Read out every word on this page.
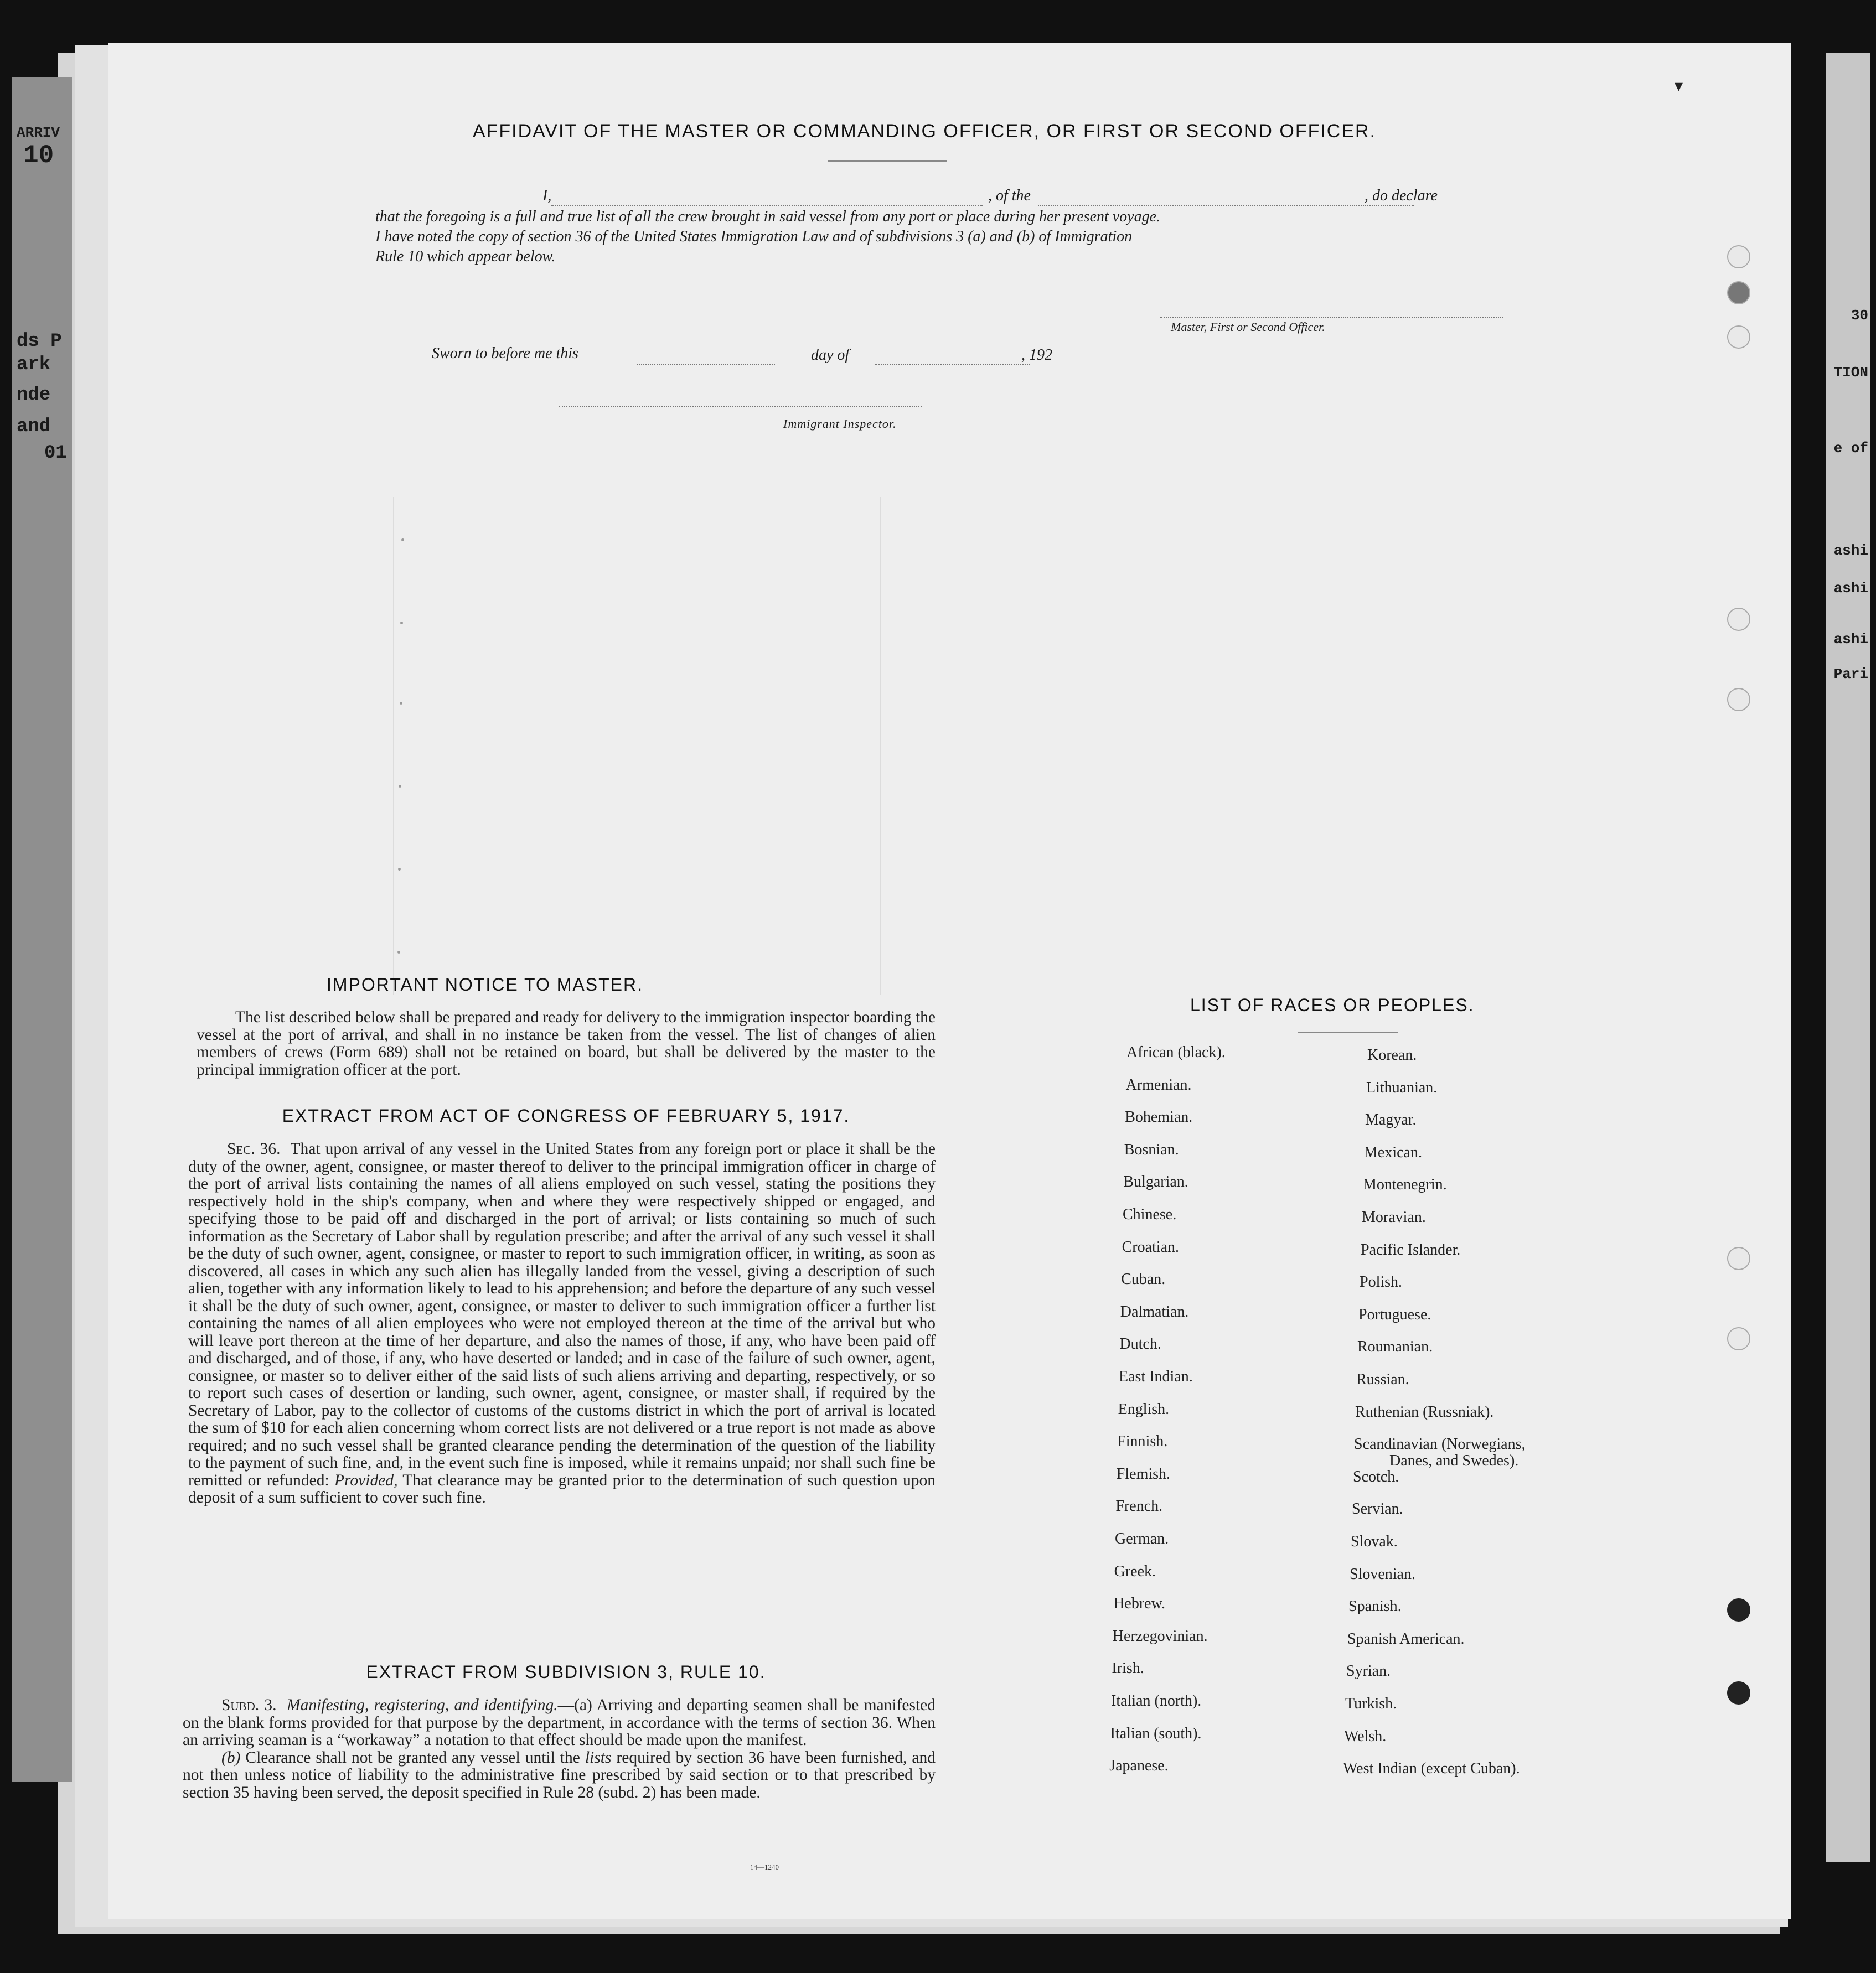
ARRIV
10
ds P
ark
nde
and
01
30
TION
e of
ashi
ashi
ashi
Pari
▾
AFFIDAVIT OF THE MASTER OR COMMANDING OFFICER, OR FIRST OR SECOND OFFICER.
I,	, of the	, do declare
that the foregoing is a full and true list of all the crew brought in said vessel from any port or place during her present voyage.
I have noted the copy of section 36 of the United States Immigration Law and of subdivisions 3 (a) and (b) of Immigration
Rule 10 which appear below.
Master, First or Second Officer.
Sworn to before me this	day of	, 192
Immigrant Inspector.
IMPORTANT NOTICE TO MASTER.

The list described below shall be prepared and ready for delivery to the immigration inspector boarding the vessel at the port of arrival, and shall in no instance be taken from the vessel. The list of changes of alien members of crews (Form 689) shall not be retained on board, but shall be delivered by the master to the principal immigration officer at the port.

EXTRACT FROM ACT OF CONGRESS OF FEBRUARY 5, 1917.

Sec. 36. That upon arrival of any vessel in the United States from any foreign port or place it shall be the duty of the owner, agent, consignee, or master thereof to deliver to the principal immigration officer in charge of the port of arrival lists containing the names of all aliens employed on such vessel, stating the positions they respectively hold in the ship's company, when and where they were respectively shipped or engaged, and specifying those to be paid off and discharged in the port of arrival; or lists containing so much of such information as the Secretary of Labor shall by regulation prescribe; and after the arrival of any such vessel it shall be the duty of such owner, agent, consignee, or master to report to such immigration officer, in writing, as soon as discovered, all cases in which any such alien has illegally landed from the vessel, giving a description of such alien, together with any information likely to lead to his apprehension; and before the departure of any such vessel it shall be the duty of such owner, agent, consignee, or master to deliver to such immigration officer a further list containing the names of all alien employees who were not employed thereon at the time of the arrival but who will leave port thereon at the time of her departure, and also the names of those, if any, who have been paid off and discharged, and of those, if any, who have deserted or landed; and in case of the failure of such owner, agent, consignee, or master so to deliver either of the said lists of such aliens arriving and departing, respectively, or so to report such cases of desertion or landing, such owner, agent, consignee, or master shall, if required by the Secretary of Labor, pay to the collector of customs of the customs district in which the port of arrival is located the sum of $10 for each alien concerning whom correct lists are not delivered or a true report is not made as above required; and no such vessel shall be granted clearance pending the determination of the question of the liability to the payment of such fine, and, in the event such fine is imposed, while it remains unpaid; nor shall such fine be remitted or refunded: Provided, That clearance may be granted prior to the determination of such question upon deposit of a sum sufficient to cover such fine.

EXTRACT FROM SUBDIVISION 3, RULE 10.

Subd. 3. Manifesting, registering, and identifying.—(a) Arriving and departing seamen shall be manifested on the blank forms provided for that purpose by the department, in accordance with the terms of section 36. When an arriving seaman is a “workaway” a notation to that effect should be made upon the manifest.

(b) Clearance shall not be granted any vessel until the lists required by section 36 have been furnished, and not then unless notice of liability to the administrative fine prescribed by said section or to that prescribed by section 35 having been served, the deposit specified in Rule 28 (subd. 2) has been made.

14—1240
LIST OF RACES OR PEOPLES.
African (black).
Armenian.
Bohemian.
Bosnian.
Bulgarian.
Chinese.
Croatian.
Cuban.
Dalmatian.
Dutch.
East Indian.
English.
Finnish.
Flemish.
French.
German.
Greek.
Hebrew.
Herzegovinian.
Irish.
Italian (north).
Italian (south).
Japanese.
Korean.
Lithuanian.
Magyar.
Mexican.
Montenegrin.
Moravian.
Pacific Islander.
Polish.
Portuguese.
Roumanian.
Russian.
Ruthenian (Russniak).
Scandinavian (Norwegians,
Scotch.
Servian.
Slovak.
Slovenian.
Spanish.
Spanish American.
Syrian.
Turkish.
Welsh.
West Indian (except Cuban).
Danes, and Swedes).
